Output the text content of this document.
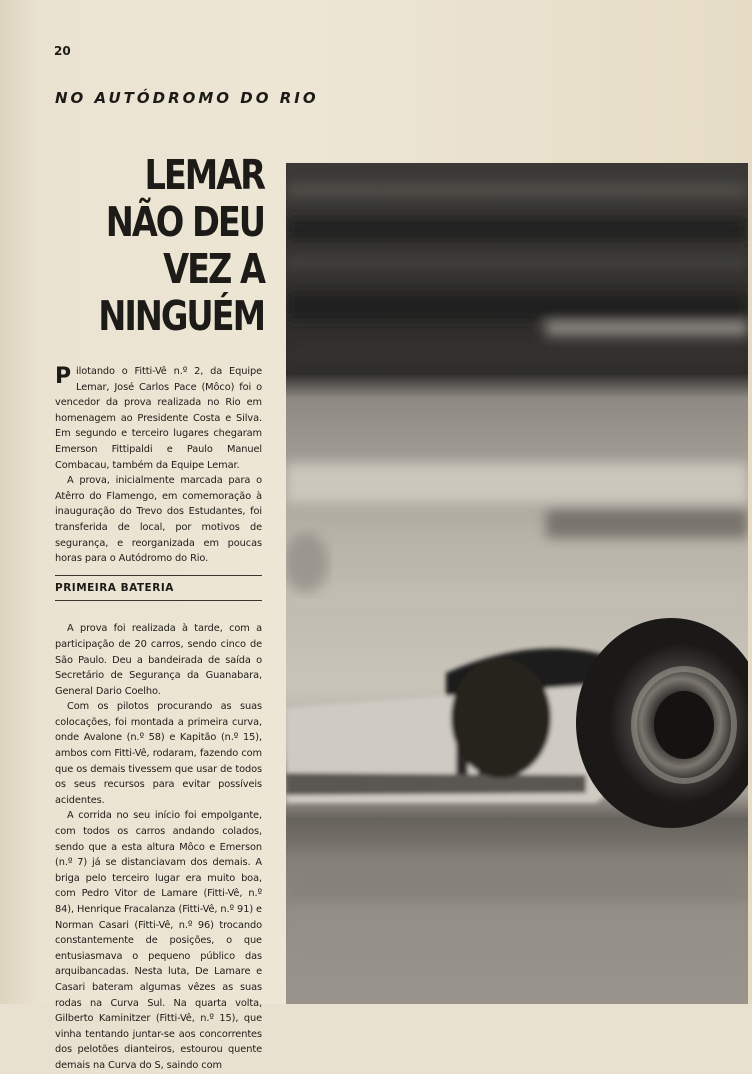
20
NO AUTÓDROMO DO RIO
LEMAR
NÃO DEU
VEZ A
NINGUÉM

Pilotando o Fitti-Vê n.º 2, da Equipe Lemar, José Carlos Pace (Môco) foi o vencedor da prova realizada no Rio em homenagem ao Presidente Costa e Silva. Em segundo e terceiro lugares chegaram Emerson Fittipaldi e Paulo Manuel Combacau, também da Equipe Lemar.

A prova, inicialmente marcada para o Atêrro do Flamengo, em comemoração à inauguração do Trevo dos Estudantes, foi transferida de local, por motivos de segurança, e reorganizada em poucas horas para o Autódromo do Rio.

PRIMEIRA BATERIA

A prova foi realizada à tarde, com a participação de 20 carros, sendo cinco de São Paulo. Deu a bandeirada de saída o Secretário de Segurança da Guanabara, General Dario Coelho.

Com os pilotos procurando as suas colocações, foi montada a primeira curva, onde Avalone (n.º 58) e Kapitão (n.º 15), ambos com Fitti-Vê, rodaram, fazendo com que os demais tivessem que usar de todos os seus recursos para evitar possíveis acidentes.

A corrida no seu início foi empolgante, com todos os carros andando colados, sendo que a esta altura Môco e Emerson (n.º 7) já se distanciavam dos demais. A briga pelo terceiro lugar era muito boa, com Pedro Vitor de Lamare (Fitti-Vê, n.º 84), Henrique Fracalanza (Fitti-Vê, n.º 91) e Norman Casari (Fitti-Vê, n.º 96) trocando constantemente de posições, o que entusiasmava o pequeno público das arquibancadas. Nesta luta, De Lamare e Casari bateram algumas vêzes as suas rodas na Curva Sul. Na quarta volta, Gilberto Kaminitzer (Fitti-Vê, n.º 15), que vinha tentando juntar-se aos concorrentes dos pelotões dianteiros, estourou quente demais na Curva do S, saindo com
